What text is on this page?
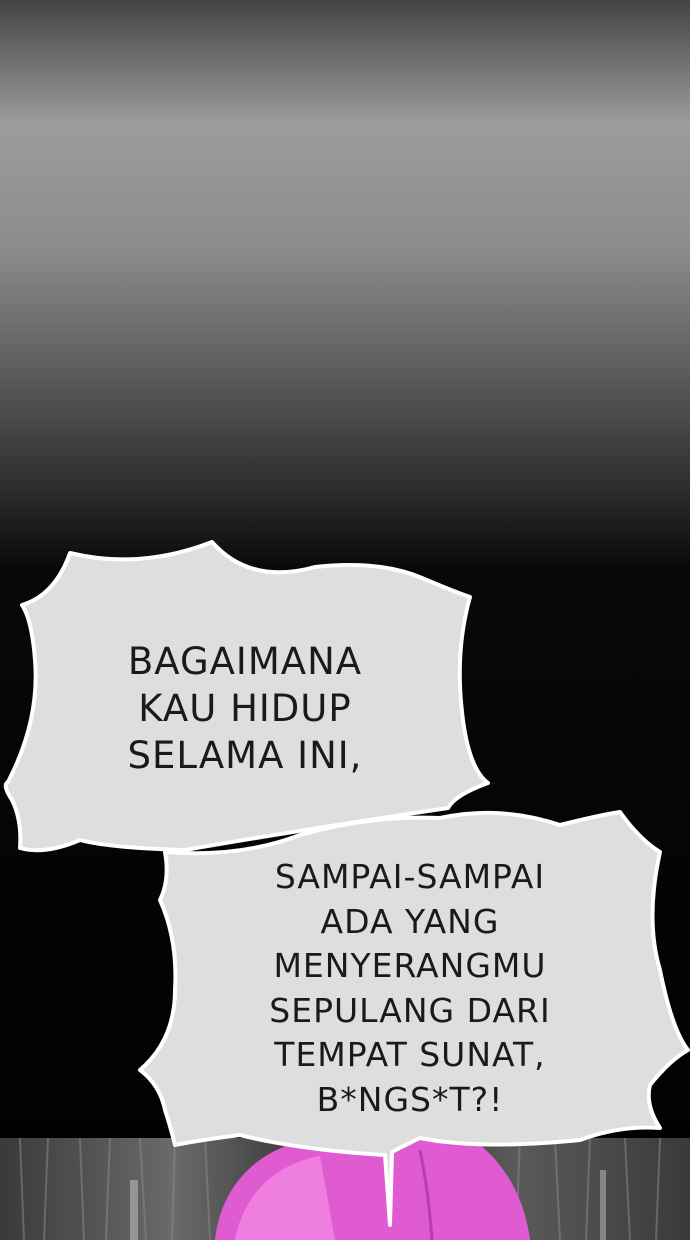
BAGAIMANA
KAU HIDUP
SELAMA INI,
SAMPAI-SAMPAI
ADA YANG
MENYERANGMU
SEPULANG DARI
TEMPAT SUNAT,
B*NGS*T?!
